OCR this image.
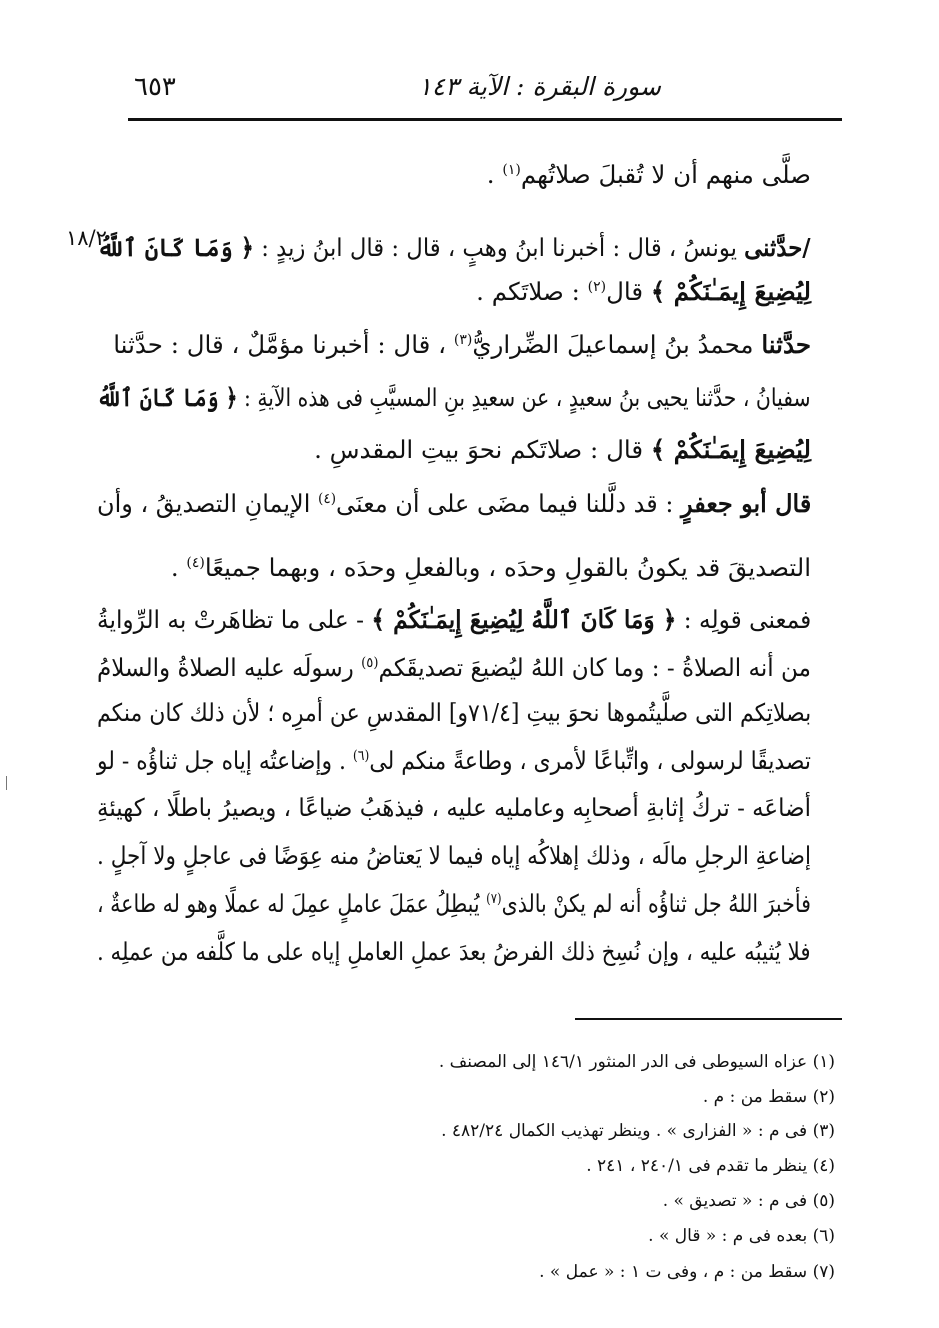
سورة البقرة : الآية ١٤٣
٦٥٣
١٨/٢
صلَّى منهم أن لا تُقبلَ صلاتُهم$^{(١)}$ .
/حدَّثنى يونسُ ، قال : أخبرنا ابنُ وهبٍ ، قال : قال ابنُ زيدٍ : ﴿ وَمَا كَانَ ٱللَّهُ
لِيُضِيعَ إِيمَـٰنَكُمْ ﴾ قال$^{(٢)}$ : صلاتَكم .
حدَّثنا محمدُ بنُ إسماعيلَ الضِّراريُّ$^{(٣)}$ ، قال : أخبرنا مؤمَّلٌ ، قال : حدَّثنا
سفيانُ ، حدَّثنا يحيى بنُ سعيدٍ ، عن سعيدِ بنِ المسيَّبِ فى هذه الآيةِ : ﴿ وَمَا كَانَ ٱللَّهُ
لِيُضِيعَ إِيمَـٰنَكُمْ ﴾ قال : صلاتَكم نحوَ بيتِ المقدسِ .
قال أبو جعفرٍ : قد دلَّلنا فيما مضَى على أن معنَى$^{(٤)}$ الإيمانِ التصديقُ ، وأن
التصديقَ قد يكونُ بالقولِ وحدَه ، وبالفعلِ وحدَه ، وبهما جميعًا$^{(٤)}$ .
فمعنى قولِه : ﴿ وَمَا كَانَ ٱللَّهُ لِيُضِيعَ إِيمَـٰنَكُمْ ﴾ - على ما تظاهَرتْ به الرِّوايةُ
من أنه الصلاةُ - : وما كان اللهُ ليُضيعَ تصديقَكم$^{(٥)}$ رسولَه عليه الصلاةُ والسلامُ
بصلاتِكم التى صلَّيتُموها نحوَ بيتِ [٧١/٤و] المقدسِ عن أمرِه ؛ لأن ذلك كان منكم
تصديقًا لرسولى ، واتِّباعًا لأمرى ، وطاعةً منكم لى$^{(٦)}$ . وإضاعتُه إياه جل ثناؤُه - لو
أضاعَه - تركُ إثابةِ أصحابِه وعامليه عليه ، فيذهَبُ ضياعًا ، ويصيرُ باطلًا ، كهيئةِ
إضاعةِ الرجلِ مالَه ، وذلك إهلاكُه إياه فيما لا يَعتاضُ منه عِوَضًا فى عاجلٍ ولا آجلٍ .
فأخبرَ اللهُ جل ثناؤُه أنه لم يكنْ بالذى$^{(٧)}$ يُبطِلُ عمَلَ عاملٍ عمِلَ له عملًا وهو له طاعةٌ ،
فلا يُثيبُه عليه ، وإن نُسِخ ذلك الفرضُ بعدَ عملِ العاملِ إياه على ما كلَّفه من عملِه .
(١) عزاه السيوطى فى الدر المنثور ١٤٦/١ إلى المصنف .
(٢) سقط من : م .
(٣) فى م : « الفزارى » . وينظر تهذيب الكمال ٤٨٢/٢٤ .
(٤) ينظر ما تقدم فى ٢٤٠/١ ، ٢٤١ .
(٥) فى م : « تصديق » .
(٦) بعده فى م : « قال » .
(٧) سقط من : م ، وفى ت ١ : « عمل » .
